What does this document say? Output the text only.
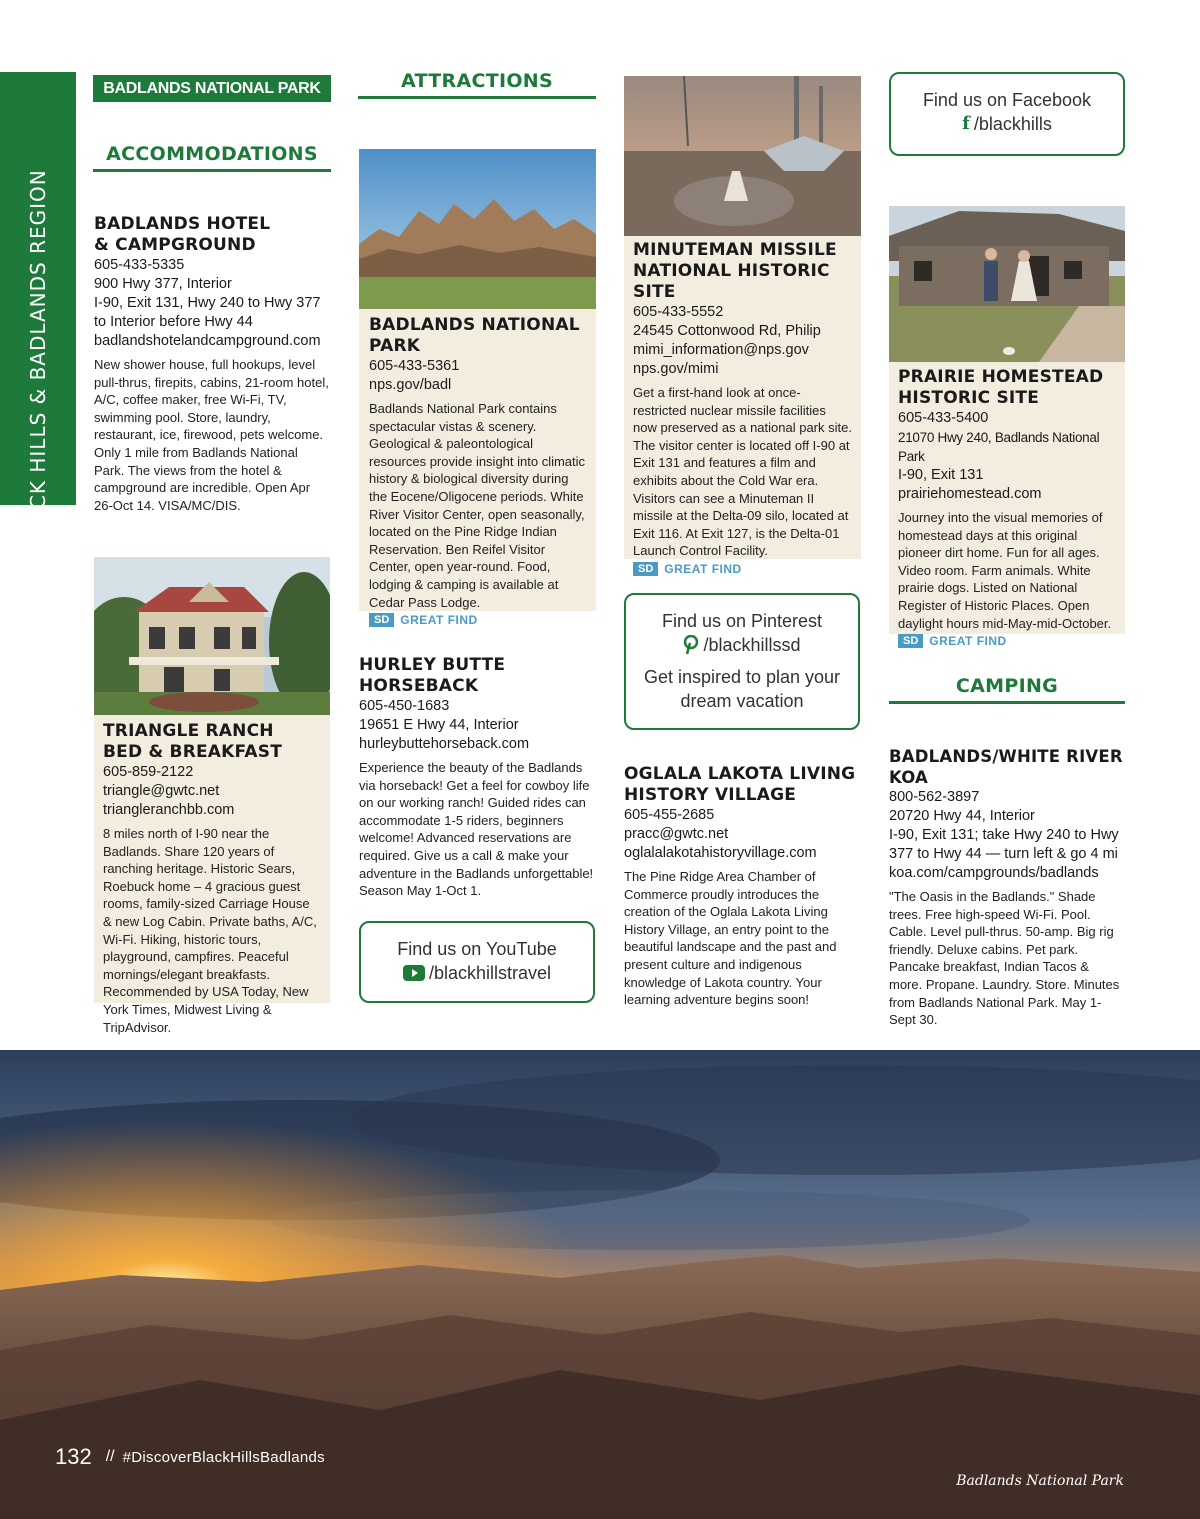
BLACK HILLS & BADLANDS REGION
BADLANDS NATIONAL PARK
ACCOMMODATIONS
BADLANDS HOTEL
& CAMPGROUND
605-433-5335
900 Hwy 377, Interior
I-90, Exit 131, Hwy 240 to Hwy 377
to Interior before Hwy 44
badlandshotelandcampground.com
New shower house, full hookups, level pull-thrus, firepits, cabins, 21-room hotel, A/C, coffee maker, free Wi-Fi, TV, swimming pool. Store, laundry, restaurant, ice, firewood, pets welcome. Only 1 mile from Badlands National Park. The views from the hotel & campground are incredible. Open Apr 26-Oct 14. VISA/MC/DIS.
TRIANGLE RANCH
BED & BREAKFAST
605-859-2122
triangle@gwtc.net
triangleranchbb.com
8 miles north of I-90 near the Badlands. Share 120 years of ranching heritage. Historic Sears, Roebuck home – 4 gracious guest rooms, family-sized Carriage House & new Log Cabin. Private baths, A/C, Wi-Fi. Hiking, historic tours, playground, campfires. Peaceful mornings/elegant breakfasts. Recommended by USA Today, New York Times, Midwest Living & TripAdvisor.
ATTRACTIONS
BADLANDS NATIONAL PARK
605-433-5361
nps.gov/badl
Badlands National Park contains spectacular vistas & scenery. Geological & paleontological resources provide insight into climatic history & biological diversity during the Eocene/Oligocene periods. White River Visitor Center, open seasonally, located on the Pine Ridge Indian Reservation. Ben Reifel Visitor Center, open year-round. Food, lodging & camping is available at Cedar Pass Lodge.
SD GREAT FIND
HURLEY BUTTE HORSEBACK
605-450-1683
19651 E Hwy 44, Interior
hurleybuttehorseback.com
Experience the beauty of the Badlands via horseback! Get a feel for cowboy life on our working ranch! Guided rides can accommodate 1-5 riders, beginners welcome! Advanced reservations are required. Give us a call & make your adventure in the Badlands unforgettable! Season May 1-Oct 1.
Find us on YouTube
/blackhillstravel
MINUTEMAN MISSILE
NATIONAL HISTORIC SITE
605-433-5552
24545 Cottonwood Rd, Philip
mimi_information@nps.gov
nps.gov/mimi
Get a first-hand look at once-restricted nuclear missile facilities now preserved as a national park site. The visitor center is located off I-90 at Exit 131 and features a film and exhibits about the Cold War era. Visitors can see a Minuteman II missile at the Delta-09 silo, located at Exit 116. At Exit 127, is the Delta-01 Launch Control Facility.
SD GREAT FIND
Find us on Pinterest
/blackhillssd
Get inspired to plan your
dream vacation
OGLALA LAKOTA LIVING
HISTORY VILLAGE
605-455-2685
pracc@gwtc.net
oglalalakotahistoryvillage.com
The Pine Ridge Area Chamber of Commerce proudly introduces the creation of the Oglala Lakota Living History Village, an entry point to the beautiful landscape and the past and present culture and indigenous knowledge of Lakota country. Your learning adventure begins soon!
Find us on Facebook
f /blackhills
PRAIRIE HOMESTEAD
HISTORIC SITE
605-433-5400
21070 Hwy 240, Badlands National Park
I-90, Exit 131
prairiehomestead.com
Journey into the visual memories of homestead days at this original pioneer dirt home. Fun for all ages. Video room. Farm animals. White prairie dogs. Listed on National Register of Historic Places. Open daylight hours mid-May-mid-October.
SD GREAT FIND
CAMPING
BADLANDS/WHITE RIVER KOA
800-562-3897
20720 Hwy 44, Interior
I-90, Exit 131; take Hwy 240 to Hwy
377 to Hwy 44 — turn left & go 4 mi
koa.com/campgrounds/badlands
"The Oasis in the Badlands." Shade trees. Free high-speed Wi-Fi. Pool. Cable. Level pull-thrus. 50-amp. Big rig friendly. Deluxe cabins. Pet park. Pancake breakfast, Indian Tacos & more. Propane. Laundry. Store. Minutes from Badlands National Park. May 1-Sept 30.
Badlands National Park
132 // #DiscoverBlackHillsBadlands
